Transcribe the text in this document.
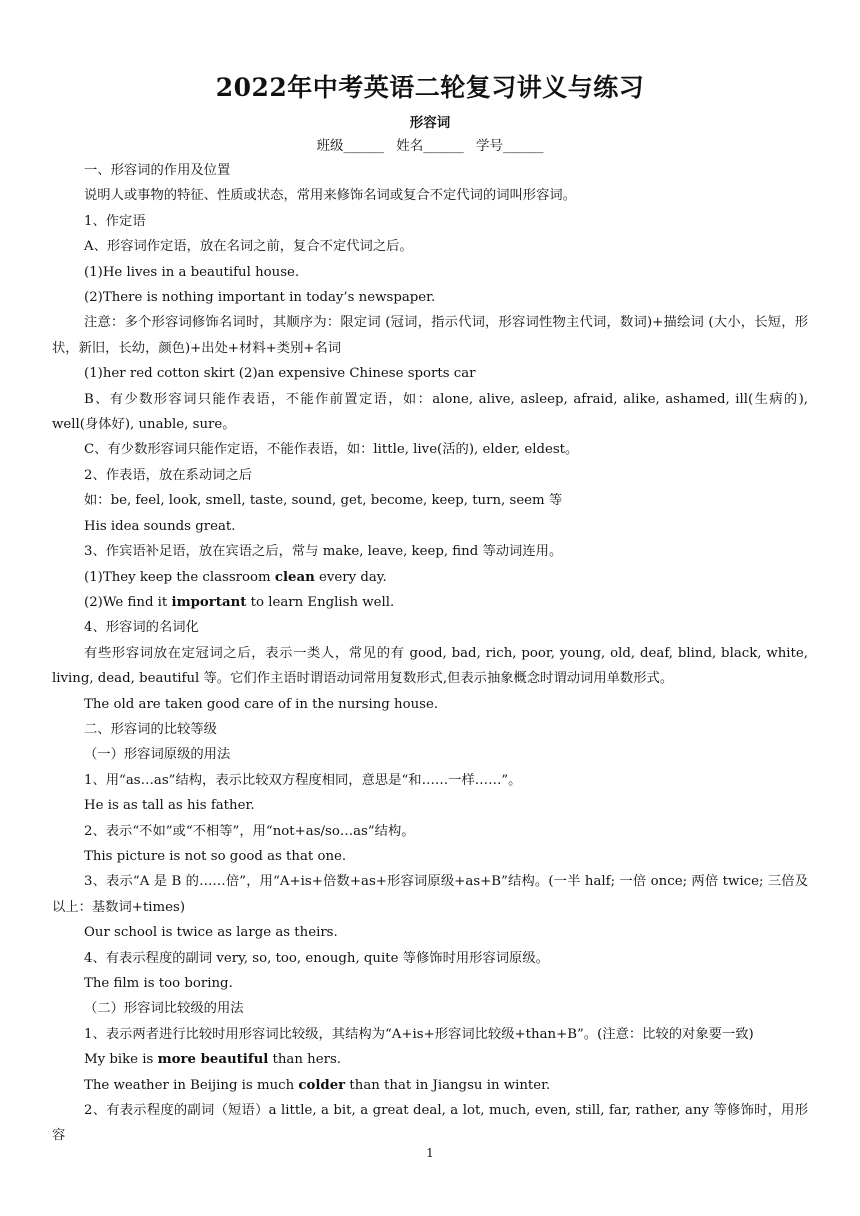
2022年中考英语二轮复习讲义与练习

形容词

班级______ 姓名______ 学号______

一、形容词的作用及位置

说明人或事物的特征、性质或状态，常用来修饰名词或复合不定代词的词叫形容词。

1、作定语

A、形容词作定语，放在名词之前，复合不定代词之后。

(1)He lives in a beautiful house.

(2)There is nothing important in today’s newspaper.

注意：多个形容词修饰名词时，其顺序为：限定词 (冠词，指示代词，形容词性物主代词，数词)+描绘词 (大小，长短，形状，新旧，长幼，颜色)+出处+材料+类别+名词

(1)her red cotton skirt (2)an expensive Chinese sports car

B、有少数形容词只能作表语，不能作前置定语，如：alone, alive, asleep, afraid, alike, ashamed, ill(生病的), well(身体好), unable, sure。

C、有少数形容词只能作定语，不能作表语，如：little, live(活的), elder, eldest。

2、作表语，放在系动词之后

如：be, feel, look, smell, taste, sound, get, become, keep, turn, seem 等

His idea sounds great.

3、作宾语补足语，放在宾语之后，常与 make, leave, keep, find 等动词连用。

(1)They keep the classroom clean every day.

(2)We find it important to learn English well.

4、形容词的名词化

有些形容词放在定冠词之后，表示一类人，常见的有 good, bad, rich, poor, young, old, deaf, blind, black, white, living, dead, beautiful 等。它们作主语时谓语动词常用复数形式,但表示抽象概念时谓动词用单数形式。

The old are taken good care of in the nursing house.

二、形容词的比较等级

（一）形容词原级的用法

1、用“as…as”结构，表示比较双方程度相同，意思是“和……一样……”。

He is as tall as his father.

2、表示“不如”或“不相等”，用“not+as/so…as”结构。

This picture is not so good as that one.

3、表示“A 是 B 的……倍”，用“A+is+倍数+as+形容词原级+as+B”结构。(一半 half; 一倍 once; 两倍 twice; 三倍及以上：基数词+times)

Our school is twice as large as theirs.

4、有表示程度的副词 very, so, too, enough, quite 等修饰时用形容词原级。

The film is too boring.

（二）形容词比较级的用法

1、表示两者进行比较时用形容词比较级，其结构为“A+is+形容词比较级+than+B”。(注意：比较的对象要一致)

My bike is more beautiful than hers.

The weather in Beijing is much colder than that in Jiangsu in winter.

2、有表示程度的副词（短语）a little, a bit, a great deal, a lot, much, even, still, far, rather, any 等修饰时，用形容

1
